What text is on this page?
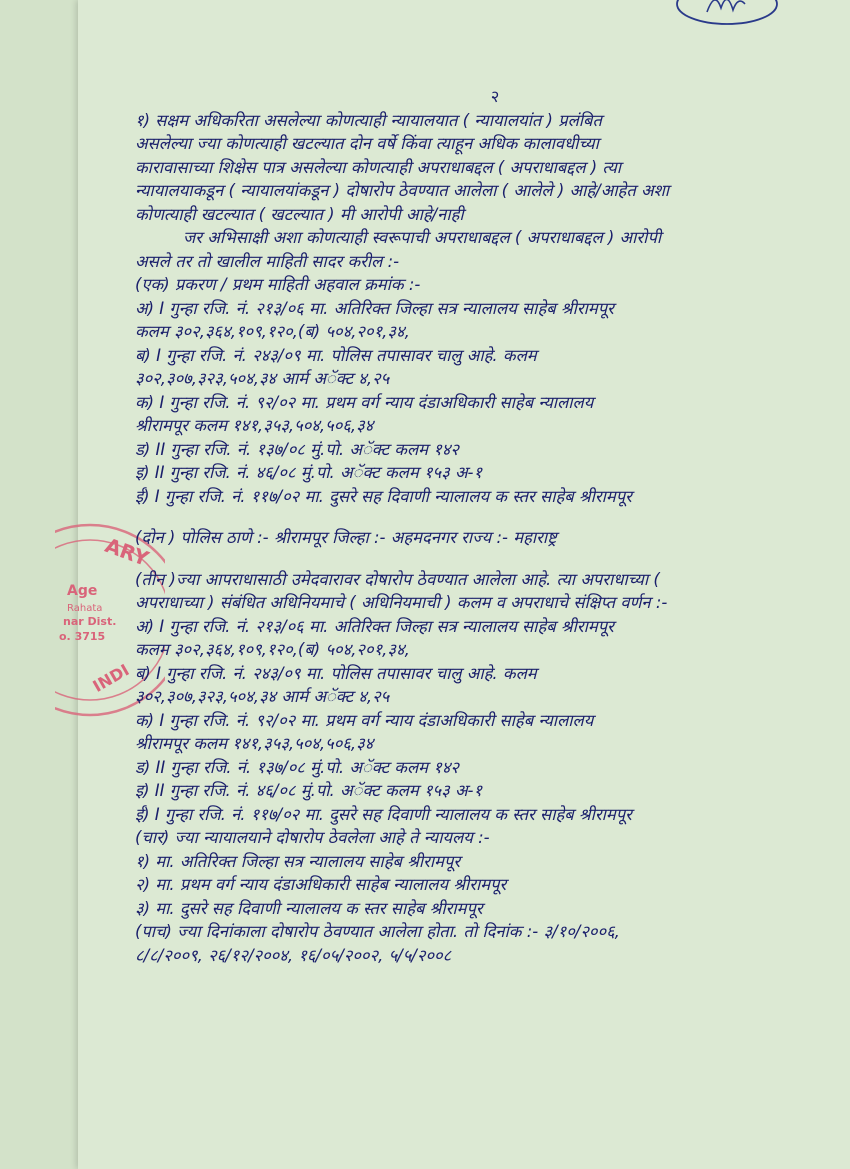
ARY
Age
Rahata
nar Dist.
o. 3715
INDI
२
१) सक्षम अधिकरिता असलेल्या कोणत्याही न्यायालयात ( न्यायालयांत ) प्रलंबित
असलेल्या ज्या कोणत्याही खटल्यात दोन वर्षे किंवा त्याहून अधिक कालावधीच्या
कारावासाच्या शिक्षेस पात्र असलेल्या कोणत्याही अपराधाबद्दल ( अपराधाबद्दल ) त्या
न्यायालयाकडून ( न्यायालयांकडून ) दोषारोप ठेवण्यात आलेला ( आलेले ) आहे/आहेत अशा
कोणत्याही खटल्यात ( खटल्यात ) मी आरोपी आहे/नाही
जर अभिसाक्षी अशा कोणत्याही स्वरूपाची अपराधाबद्दल ( अपराधाबद्दल ) आरोपी
असले तर तो खालील माहिती सादर करील :-
(एक) प्रकरण / प्रथम माहिती अहवाल क्रमांक :-
अ) I गुन्हा रजि. नं. २१३/०६ मा. अतिरिक्त जिल्हा सत्र न्यालालय साहेब श्रीरामपूर
कलम ३०२,३६४,१०९,१२०,(ब) ५०४,२०१,३४,
ब) I गुन्हा रजि. नं. २४३/०९ मा. पोलिस तपासावर चालु आहे. कलम
३०२,३०७,३२३,५०४,३४ आर्म अॅक्ट ४,२५
क) I गुन्हा रजि. नं. ९२/०२ मा. प्रथम वर्ग न्याय दंडाअधिकारी साहेब न्यालालय
श्रीरामपूर कलम १४१,३५३,५०४,५०६,३४
ड) II गुन्हा रजि. नं. १३७/०८ मुं.पो. अॅक्ट कलम १४२
इ) II गुन्हा रजि. नं. ४६/०८ मुं.पो. अॅक्ट कलम १५३ अ-१
ई) I गुन्हा रजि. नं. ११७/०२ मा. दुसरे सह दिवाणी न्यालालय क स्तर साहेब श्रीरामपूर
(दोन ) पोलिस ठाणे :- श्रीरामपूर जिल्हा :- अहमदनगर राज्य :- महाराष्ट्र
(तीन )ज्या आपराधासाठी उमेदवारावर दोषारोप ठेवण्यात आलेला आहे. त्या अपराधाच्या (
अपराधाच्या ) संबंधित अधिनियमाचे ( अधिनियमाची ) कलम व अपराधाचे संक्षिप्त वर्णन :-
अ) I गुन्हा रजि. नं. २१३/०६ मा. अतिरिक्त जिल्हा सत्र न्यालालय साहेब श्रीरामपूर
कलम ३०२,३६४,१०९,१२०,(ब) ५०४,२०१,३४,
ब) I गुन्हा रजि. नं. २४३/०९ मा. पोलिस तपासावर चालु आहे. कलम
३०२,३०७,३२३,५०४,३४ आर्म अॅक्ट ४,२५
क) I गुन्हा रजि. नं. ९२/०२ मा. प्रथम वर्ग न्याय दंडाअधिकारी साहेब न्यालालय
श्रीरामपूर कलम १४१,३५३,५०४,५०६,३४
ड) II गुन्हा रजि. नं. १३७/०८ मुं.पो. अॅक्ट कलम १४२
इ) II गुन्हा रजि. नं. ४६/०८ मुं.पो. अॅक्ट कलम १५३ अ-१
ई) I गुन्हा रजि. नं. ११७/०२ मा. दुसरे सह दिवाणी न्यालालय क स्तर साहेब श्रीरामपूर
(चार) ज्या न्यायालयाने दोषारोप ठेवलेला आहे ते न्यायलय :-
१) मा. अतिरिक्त जिल्हा सत्र न्यालालय साहेब श्रीरामपूर
२) मा. प्रथम वर्ग न्याय दंडाअधिकारी साहेब न्यालालय श्रीरामपूर
३) मा. दुसरे सह दिवाणी न्यालालय क स्तर साहेब श्रीरामपूर
(पाच) ज्या दिनांकाला दोषारोप ठेवण्यात आलेला होता. तो दिनांक :- ३/१०/२००६,
८/८/२००९, २६/१२/२००४, १६/०५/२००२, ५/५/२००८
